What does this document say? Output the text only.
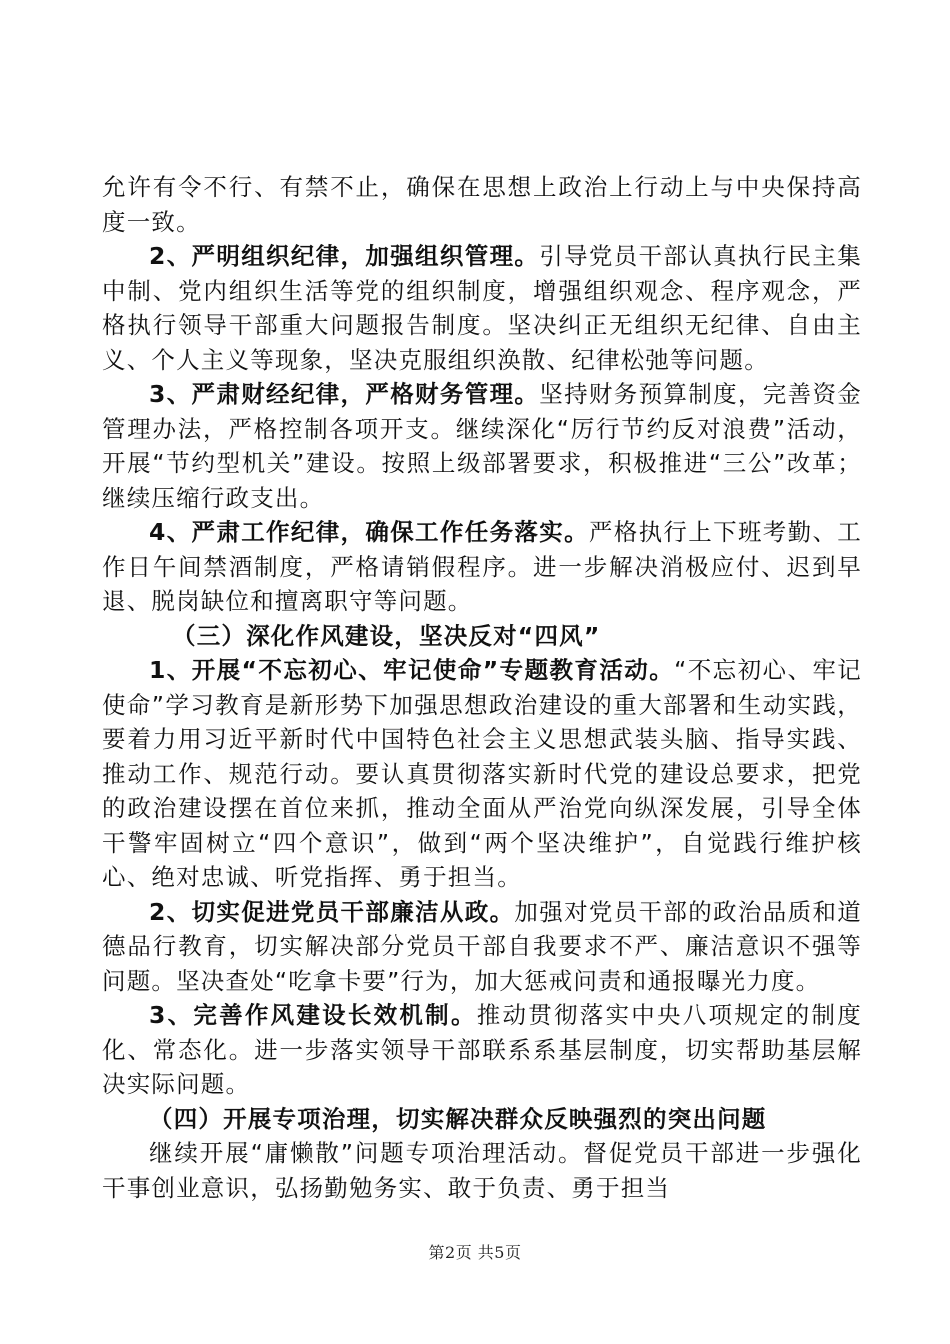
允许有令不行、有禁不止，确保在思想上政治上行动上与中央保持高度一致。

2、严明组织纪律，加强组织管理。引导党员干部认真执行民主集中制、党内组织生活等党的组织制度，增强组织观念、程序观念，严格执行领导干部重大问题报告制度。坚决纠正无组织无纪律、自由主义、个人主义等现象，坚决克服组织涣散、纪律松弛等问题。

3、严肃财经纪律，严格财务管理。坚持财务预算制度，完善资金管理办法，严格控制各项开支。继续深化“厉行节约反对浪费”活动，开展“节约型机关”建设。按照上级部署要求，积极推进“三公”改革；继续压缩行政支出。

4、严肃工作纪律，确保工作任务落实。严格执行上下班考勤、工作日午间禁酒制度，严格请销假程序。进一步解决消极应付、迟到早退、脱岗缺位和擅离职守等问题。

（三）深化作风建设，坚决反对“四风”

1、开展“不忘初心、牢记使命”专题教育活动。“不忘初心、牢记使命”学习教育是新形势下加强思想政治建设的重大部署和生动实践，要着力用习近平新时代中国特色社会主义思想武装头脑、指导实践、推动工作、规范行动。要认真贯彻落实新时代党的建设总要求，把党的政治建设摆在首位来抓，推动全面从严治党向纵深发展，引导全体干警牢固树立“四个意识”，做到“两个坚决维护”，自觉践行维护核心、绝对忠诚、听党指挥、勇于担当。

2、切实促进党员干部廉洁从政。加强对党员干部的政治品质和道德品行教育，切实解决部分党员干部自我要求不严、廉洁意识不强等问题。坚决查处“吃拿卡要”行为，加大惩戒问责和通报曝光力度。

3、完善作风建设长效机制。推动贯彻落实中央八项规定的制度化、常态化。进一步落实领导干部联系系基层制度，切实帮助基层解决实际问题。

（四）开展专项治理，切实解决群众反映强烈的突出问题

继续开展“庸懒散”问题专项治理活动。督促党员干部进一步强化干事创业意识，弘扬勤勉务实、敢于负责、勇于担当

第2页 共5页
